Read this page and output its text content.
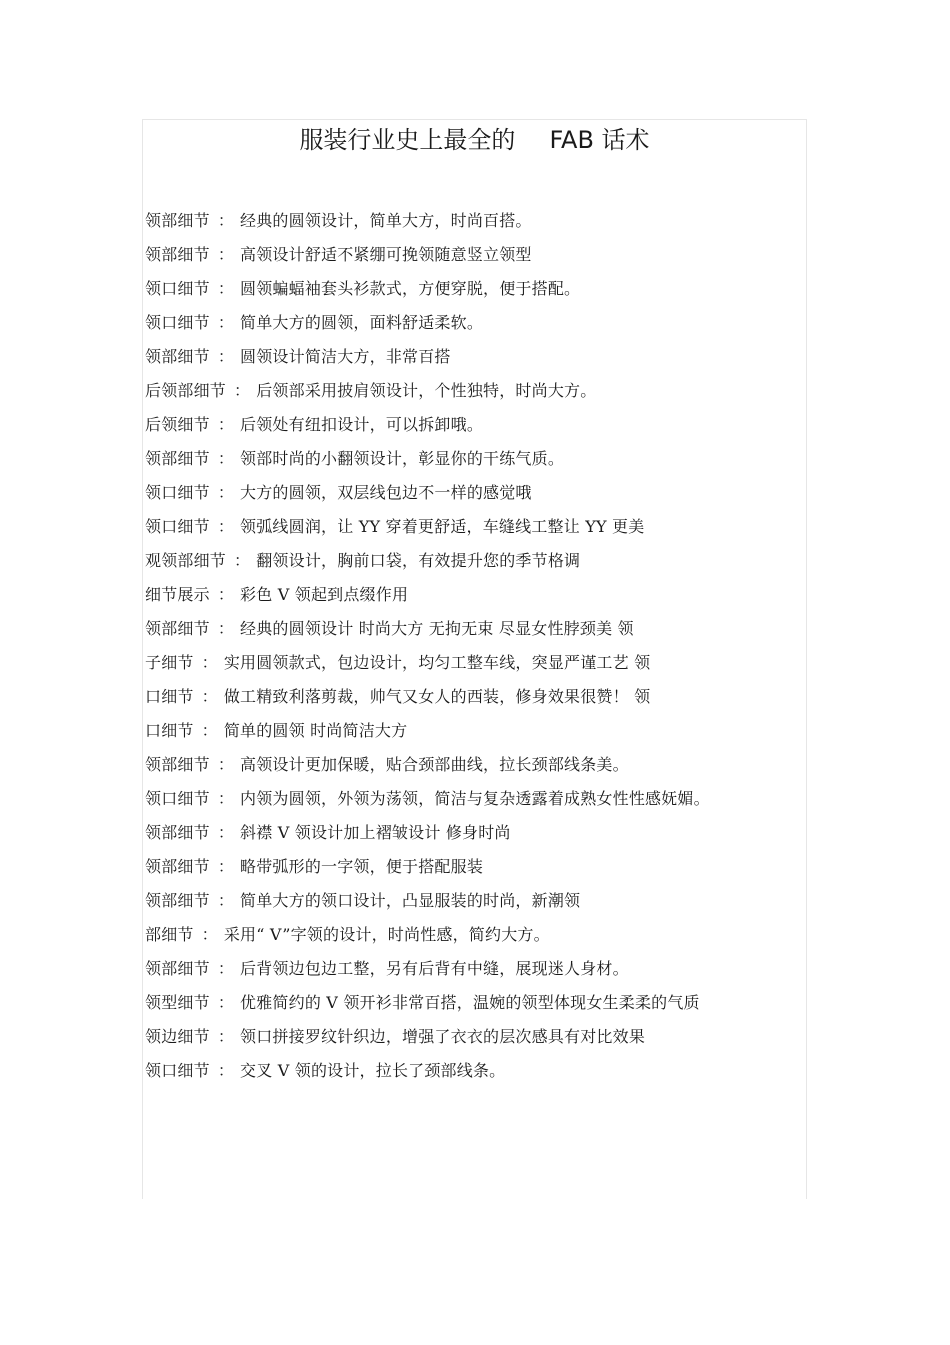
服装行业史上最全的 FAB 话术
领部细节 ： 经典的圆领设计，简单大方，时尚百搭。
领部细节 ： 高领设计舒适不紧绷可挽领随意竖立领型
领口细节 ： 圆领蝙蝠袖套头衫款式，方便穿脱，便于搭配。
领口细节 ： 简单大方的圆领，面料舒适柔软。
领部细节 ： 圆领设计简洁大方，非常百搭
后领部细节 ： 后领部采用披肩领设计，个性独特，时尚大方。
后领细节 ： 后领处有纽扣设计，可以拆卸哦。
领部细节 ： 领部时尚的小翻领设计，彰显你的干练气质。
领口细节 ： 大方的圆领，双层线包边不一样的感觉哦
领口细节 ： 领弧线圆润，让 YY 穿着更舒适，车缝线工整让 YY 更美
观领部细节 ： 翻领设计，胸前口袋，有效提升您的季节格调
细节展示 ： 彩色 V 领起到点缀作用
领部细节 ： 经典的圆领设计 时尚大方 无拘无束 尽显女性脖颈美 领
子细节 ： 实用圆领款式，包边设计，均匀工整车线，突显严谨工艺 领
口细节 ： 做工精致利落剪裁，帅气又女人的西装，修身效果很赞！ 领
口细节 ： 简单的圆领 时尚简洁大方
领部细节 ： 高领设计更加保暖，贴合颈部曲线，拉长颈部线条美。
领口细节 ： 内领为圆领，外领为荡领，简洁与复杂透露着成熟女性性感妩媚。
领部细节 ： 斜襟 V 领设计加上褶皱设计 修身时尚
领部细节 ： 略带弧形的一字领，便于搭配服装
领部细节 ： 简单大方的领口设计，凸显服装的时尚，新潮领
部细节 ： 采用“ V”字领的设计，时尚性感，简约大方。
领部细节 ： 后背领边包边工整，另有后背有中缝，展现迷人身材。
领型细节 ： 优雅简约的 V 领开衫非常百搭，温婉的领型体现女生柔柔的气质
领边细节 ： 领口拼接罗纹针织边，增强了衣衣的层次感具有对比效果
领口细节 ： 交叉 V 领的设计，拉长了颈部线条。
